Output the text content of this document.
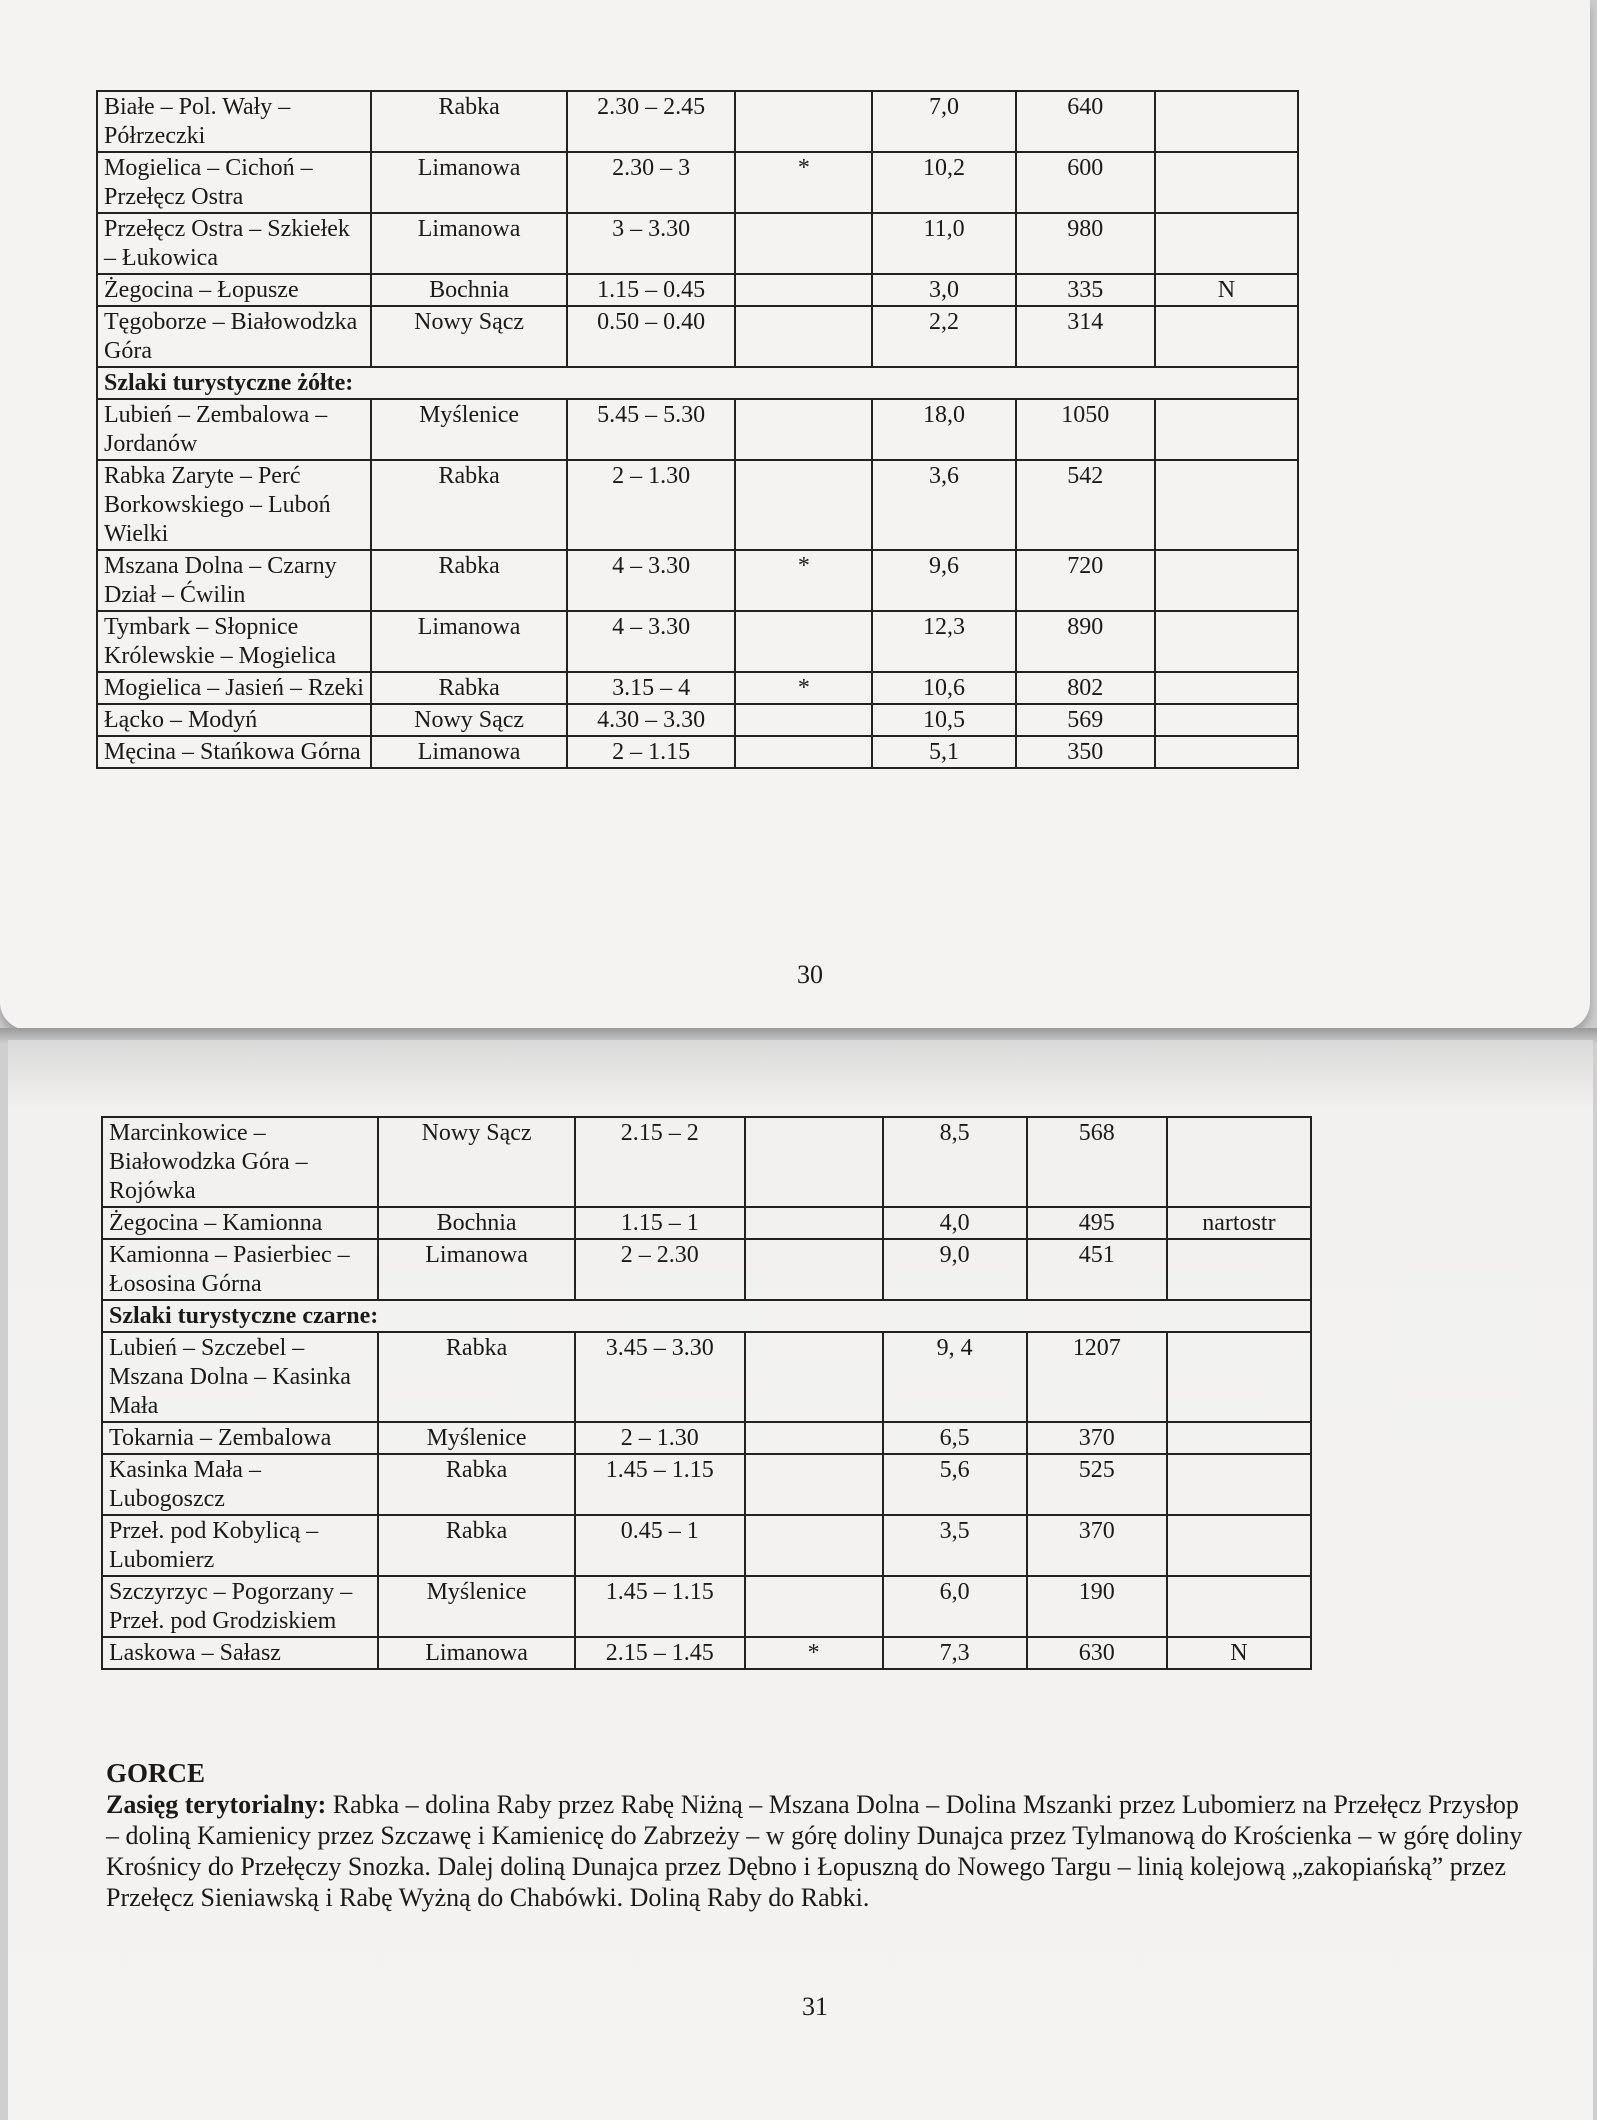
Białe – Pol. Wały – Półrzeczki	Rabka	2.30 – 2.45		7,0	640	
Mogielica – Cichoń – Przełęcz Ostra	Limanowa	2.30 – 3	*	10,2	600	
Przełęcz Ostra – Szkiełek – Łukowica	Limanowa	3 – 3.30		11,0	980	
Żegocina – Łopusze	Bochnia	1.15 – 0.45		3,0	335	N
Tęgoborze – Białowodzka Góra	Nowy Sącz	0.50 – 0.40		2,2	314	
Szlaki turystyczne żółte:						
Lubień – Zembalowa – Jordanów	Myślenice	5.45 – 5.30		18,0	1050	
Rabka Zaryte – Perć Borkowskiego – Luboń Wielki	Rabka	2 – 1.30		3,6	542	
Mszana Dolna – Czarny Dział – Ćwilin	Rabka	4 – 3.30	*	9,6	720	
Tymbark – Słopnice Królewskie – Mogielica	Limanowa	4 – 3.30		12,3	890	
Mogielica – Jasień – Rzeki	Rabka	3.15 – 4	*	10,6	802	
Łącko – Modyń	Nowy Sącz	4.30 – 3.30		10,5	569	
Męcina – Stańkowa Górna	Limanowa	2 – 1.15		5,1	350	
30
Marcinkowice – Białowodzka Góra – Rojówka	Nowy Sącz	2.15 – 2		8,5	568	
Żegocina – Kamionna	Bochnia	1.15 – 1		4,0	495	nartostr
Kamionna – Pasierbiec – Łososina Górna	Limanowa	2 – 2.30		9,0	451	
Szlaki turystyczne czarne:						
Lubień – Szczebel – Mszana Dolna – Kasinka Mała	Rabka	3.45 – 3.30		9, 4	1207	
Tokarnia – Zembalowa	Myślenice	2 – 1.30		6,5	370	
Kasinka Mała – Lubogoszcz	Rabka	1.45 – 1.15		5,6	525	
Przeł. pod Kobylicą – Lubomierz	Rabka	0.45 – 1		3,5	370	
Szczyrzyc – Pogorzany – Przeł. pod Grodziskiem	Myślenice	1.45 – 1.15		6,0	190	
Laskowa – Sałasz	Limanowa	2.15 – 1.45	*	7,3	630	N
GORCE
Zasięg terytorialny: Rabka – dolina Raby przez Rabę Niżną – Mszana Dolna – Dolina Mszanki przez Lubomierz na Przełęcz Przysłop – doliną Kamienicy przez Szczawę i Kamienicę do Zabrzeży – w górę doliny Dunajca przez Tylmanową do Krościenka – w górę doliny Krośnicy do Przełęczy Snozka. Dalej doliną Dunajca przez Dębno i Łopuszną do Nowego Targu – linią kolejową „zakopiańską” przez Przełęcz Sieniawską i Rabę Wyżną do Chabówki. Doliną Raby do Rabki.
31
